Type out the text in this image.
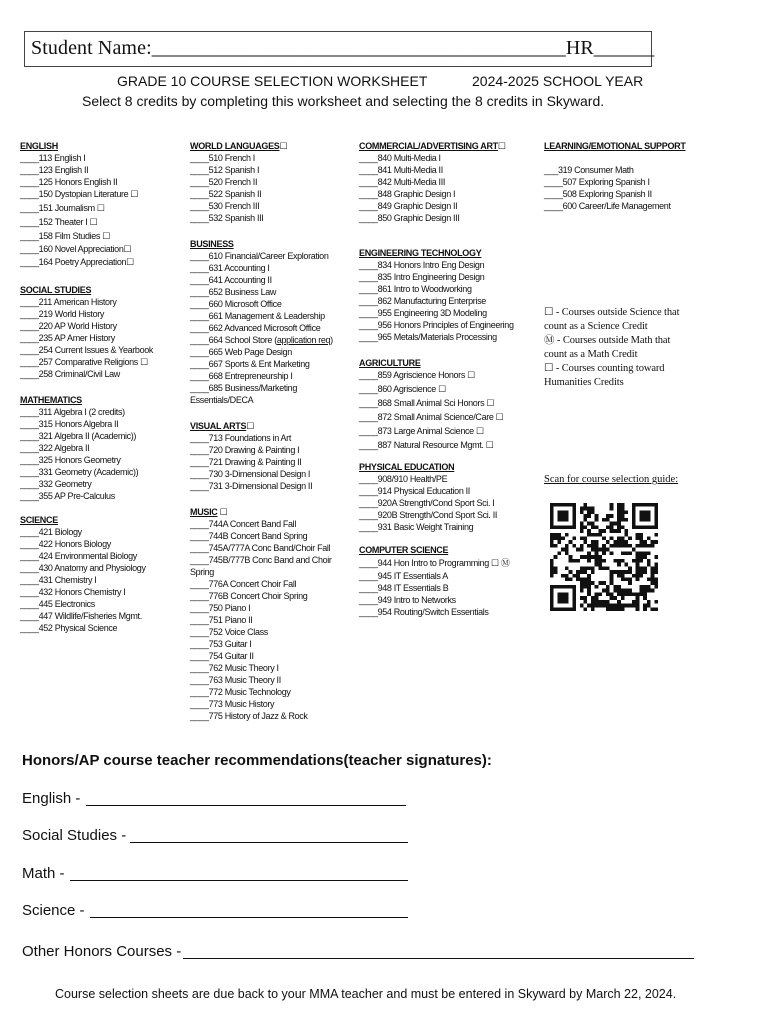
Student Name:_________________________________________HR______
GRADE 10 COURSE SELECTION WORKSHEET	2024-2025 SCHOOL YEAR
Select 8 credits by completing this worksheet and selecting the 8 credits in Skyward.
ENGLISH
____113 English I
____123 English II
____125 Honors English II
____150 Dystopian Literature ☐
____151 Journalism ☐
____152 Theater I ☐
____158 Film Studies ☐
____160 Novel Appreciation☐
____164 Poetry Appreciation☐
SOCIAL STUDIES
____211 American History
____219 World History
____220 AP World History
____235 AP Amer History
____254 Current Issues & Yearbook
____257 Comparative Religions ☐
____258 Criminal/Civil Law
MATHEMATICS
____311 Algebra I (2 credits)
____315 Honors Algebra II
____321 Algebra II (Academic))
____322 Algebra II
____325 Honors Geometry
____331 Geometry (Academic))
____332 Geometry
____355 AP Pre-Calculus
SCIENCE
____421 Biology
____422 Honors Biology
____424 Environmental Biology
____430 Anatomy and Physiology
____431 Chemistry I
____432 Honors Chemistry I
____445 Electronics
____447 Wildlife/Fisheries Mgmt.
____452 Physical Science
WORLD LANGUAGES☐
____510 French I
____512 Spanish I
____520 French II
____522 Spanish II
____530 French III
____532 Spanish III
BUSINESS
____610 Financial/Career Exploration
____631 Accounting I
____641 Accounting II
____652 Business Law
____660 Microsoft Office
____661 Management & Leadership
____662 Advanced Microsoft Office
____664 School Store (application req)
____665 Web Page Design
____667 Sports & Ent Marketing
____668 Entrepreneurship I
____685 Business/Marketing
Essentials/DECA
VISUAL ARTS☐
____713 Foundations in Art
____720 Drawing & Painting I
____721 Drawing & Painting II
____730 3-Dimensional Design I
____731 3-Dimensional Design II
MUSIC ☐
____744A Concert Band Fall
____744B Concert Band Spring
____745A/777A Conc Band/Choir Fall
____745B/777B Conc Band and Choir
Spring
____776A Concert Choir Fall
____776B Concert Choir Spring
____750 Piano I
____751 Piano II
____752 Voice Class
____753 Guitar I
____754 Guitar II
____762 Music Theory I
____763 Music Theory II
____772 Music Technology
____773 Music History
____775 History of Jazz & Rock
COMMERCIAL/ADVERTISING ART☐
____840 Multi-Media I
____841 Multi-Media II
____842 Multi-Media III
____848 Graphic Design I
____849 Graphic Design II
____850 Graphic Design III
ENGINEERING TECHNOLOGY
____834 Honors Intro Eng Design
____835 Intro Engineering Design
____861 Intro to Woodworking
____862 Manufacturing Enterprise
____955 Engineering 3D Modeling
____956 Honors Principles of Engineering
____965 Metals/Materials Processing
AGRICULTURE
____859 Agriscience Honors ☐
____860 Agriscience ☐
____868 Small Animal Sci Honors ☐
____872 Small Animal Science/Care ☐
____873 Large Animal Science ☐
____887 Natural Resource Mgmt. ☐
PHYSICAL EDUCATION
____908/910 Health/PE
____914 Physical Education II
____920A Strength/Cond Sport Sci. I
____920B Strength/Cond Sport Sci. II
____931 Basic Weight Training
COMPUTER SCIENCE
____944 Hon Intro to Programming ☐ Ⓜ
____945 IT Essentials A
____948 IT Essentials B
____949 Intro to Networks
____954 Routing/Switch Essentials
LEARNING/EMOTIONAL SUPPORT
___319 Consumer Math
____507 Exploring Spanish I
____508 Exploring Spanish II
____600 Career/Life Management
☐ - Courses outside Science that count as a Science Credit
Ⓜ - Courses outside Math that count as a Math Credit
☐ - Courses counting toward Humanities Credits
Scan for course selection guide:
Honors/AP course teacher recommendations(teacher signatures):
English -
Social Studies -
Math -
Science -
Other Honors Courses -
Course selection sheets are due back to your MMA teacher and must be entered in Skyward by March 22, 2024.
